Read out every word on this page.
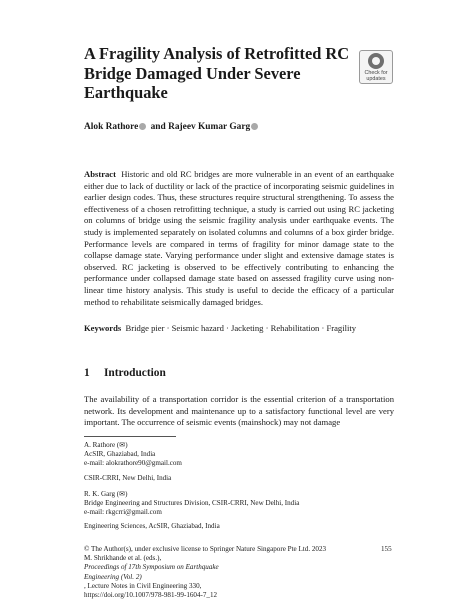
A Fragility Analysis of Retrofitted RC
Bridge Damaged Under Severe
Earthquake
Check for
updates

Alok Rathore and Rajeev Kumar Garg

Abstract Historic and old RC bridges are more vulnerable in an event of an earthquake either due to lack of ductility or lack of the practice of incorporating seismic guidelines in earlier design codes. Thus, these structures require structural strengthening. To assess the effectiveness of a chosen retrofitting technique, a study is carried out using RC jacketing on columns of bridge using the seismic fragility analysis under earthquake events. The study is implemented separately on isolated columns and columns of a box girder bridge. Performance levels are compared in terms of fragility for minor damage state to the collapse damage state. Varying performance under slight and extensive damage states is observed. RC jacketing is observed to be effectively contributing to enhancing the performance under collapsed damage state based on assessed fragility curve using non-linear time history analysis. This study is useful to decide the efficacy of a particular method to rehabilitate seismically damaged bridges.

Keywords Bridge pier · Seismic hazard · Jacketing · Rehabilitation · Fragility

1 Introduction

The availability of a transportation corridor is the essential criterion of a transportation network. Its development and maintenance up to a satisfactory functional level are very important. The occurrence of seismic events (mainshock) may not damage

A. Rathore (✉)
AcSIR, Ghaziabad, India
e-mail: alokrathore90@gmail.com
CSIR-CRRI, New Delhi, India
R. K. Garg (✉)
Bridge Engineering and Structures Division, CSIR-CRRI, New Delhi, India
e-mail: rkgcrri@gmail.com
Engineering Sciences, AcSIR, Ghaziabad, India
© The Author(s), under exclusive license to Springer Nature Singapore Pte Ltd. 2023
M. Shrikhande et al. (eds.),
Proceedings of 17th Symposium on Earthquake
Engineering (Vol. 2)
, Lecture Notes in Civil Engineering 330,
https://doi.org/10.1007/978-981-99-1604-7_12
155
